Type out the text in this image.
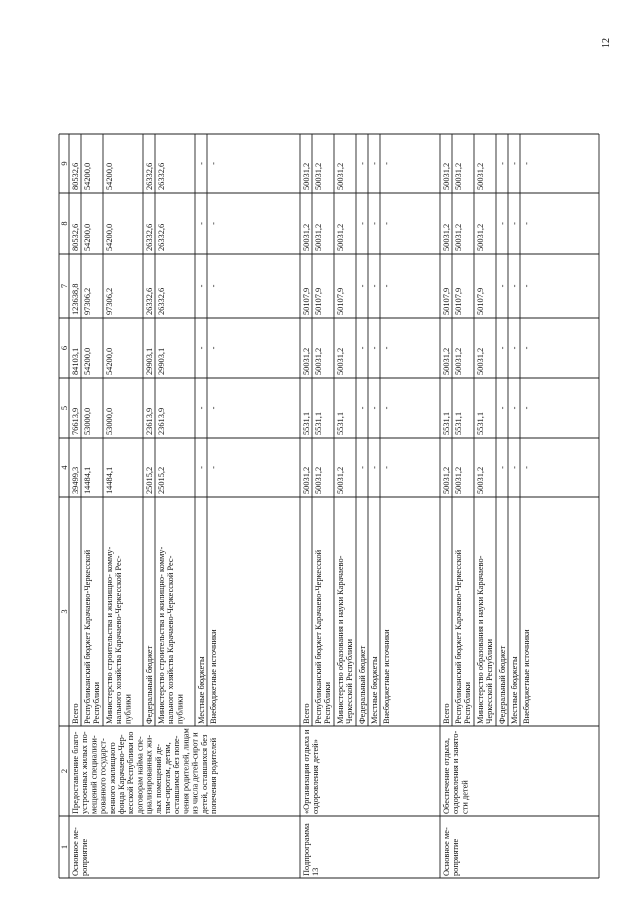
1
2
3
4
5
6
7
8
9
Основное ме- роприятие
Предоставление благо- устроенных жилых по- мещений специализи- рованного государст- венного жилищного фонда Карачаево-Чер- кесской Республики по договорам найма спе- циализированных жи- лых помещений де- тям-сиротам, детям, оставшимся без попе- чения родителей, лицам из числа детей-сирот и детей, оставшихся без попечения родителей
Всего
39499,3
76613,9
84103,1
123638,8
80532,6
80532,6
Республиканский бюджет Карачаево-Черкесской Республики
14484,1
53000,0
54200,0
97306,2
54200,0
54200,0
Министерство строительства и жилищно- комму- нального хозяйства Карачаево-Черкесской Рес- публики
14484,1
53000,0
54200,0
97306,2
54200,0
54200,0
Федеральный бюджет
25015,2
23613,9
29903,1
26332,6
26332,6
26332,6
Министерство строительства и жилищно- комму- нального хозяйства Карачаево-Черкесской Рес- публики
25015,2
23613,9
29903,1
26332,6
26332,6
26332,6
Местные бюджеты
-
-
-
-
-
-
Внебюджетные источники
-
-
-
-
-
-
Подпрограмма 13
«Организация отдыха и оздоровления детей»
Всего
50031,2
5531,1
50031,2
50107,9
50031,2
50031,2
Республиканский бюджет Карачаево-Черкесской Республики
50031,2
5531,1
50031,2
50107,9
50031,2
50031,2
Министерство образования и науки Карачаево- Черкесской Республики
50031,2
5531,1
50031,2
50107,9
50031,2
50031,2
Федеральный бюджет
-
-
-
-
-
-
Местные бюджеты
-
-
-
-
-
-
Внебюджетные источники
-
-
-
-
-
-
Основное ме- роприятие
Обеспечение отдыха, оздоровления и занято- сти детей
Всего
50031,2
5531,1
50031,2
50107,9
50031,2
50031,2
Республиканский бюджет Карачаево-Черкесской Республики
50031,2
5531,1
50031,2
50107,9
50031,2
50031,2
Министерство образования и науки Карачаево- Черкесской Республики
50031,2
5531,1
50031,2
50107,9
50031,2
50031,2
Федеральный бюджет
-
-
-
-
-
-
Местные бюджеты
-
-
-
-
-
-
Внебюджетные источники
-
-
-
-
-
-
12
